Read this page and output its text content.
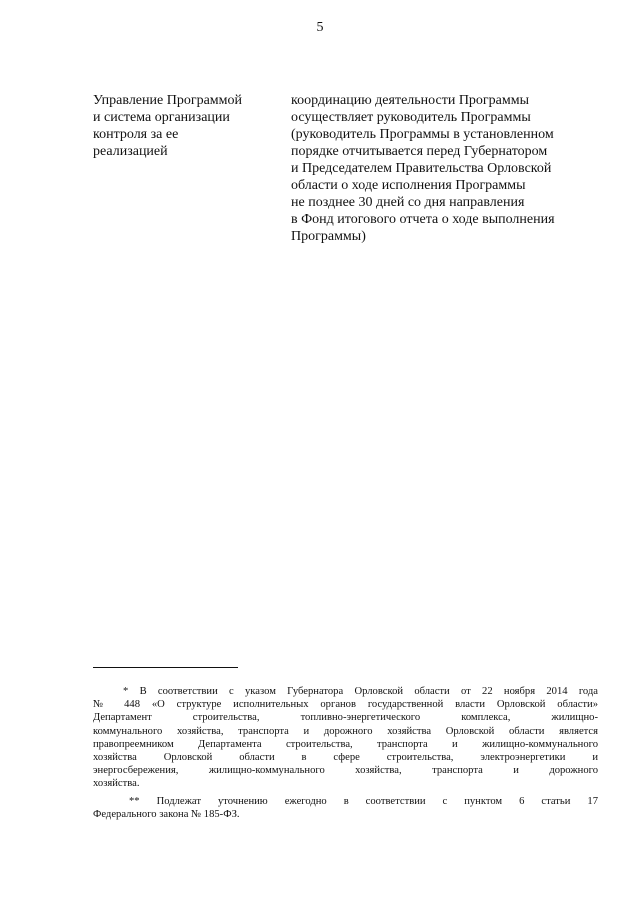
5
Управление Программой
и система организации
контроля за ее
реализацией
координацию деятельности Программы
осуществляет руководитель Программы
(руководитель Программы в установленном
порядке отчитывается перед Губернатором
и Председателем Правительства Орловской
области о ходе исполнения Программы
не позднее 30 дней со дня направления
в Фонд итогового отчета о ходе выполнения
Программы)
* В соответствии с указом Губернатора Орловской области от 22 ноября 2014 года
№ 448 «О структуре исполнительных органов государственной власти Орловской области»
Департамент строительства, топливно-энергетического комплекса, жилищно-
коммунального хозяйства, транспорта и дорожного хозяйства Орловской области является
правопреемником Департамента строительства, транспорта и жилищно-коммунального
хозяйства Орловской области в сфере строительства, электроэнергетики и
энергосбережения, жилищно-коммунального хозяйства, транспорта и дорожного
хозяйства.
** Подлежат уточнению ежегодно в соответствии с пунктом 6 статьи 17
Федерального закона № 185-ФЗ.
